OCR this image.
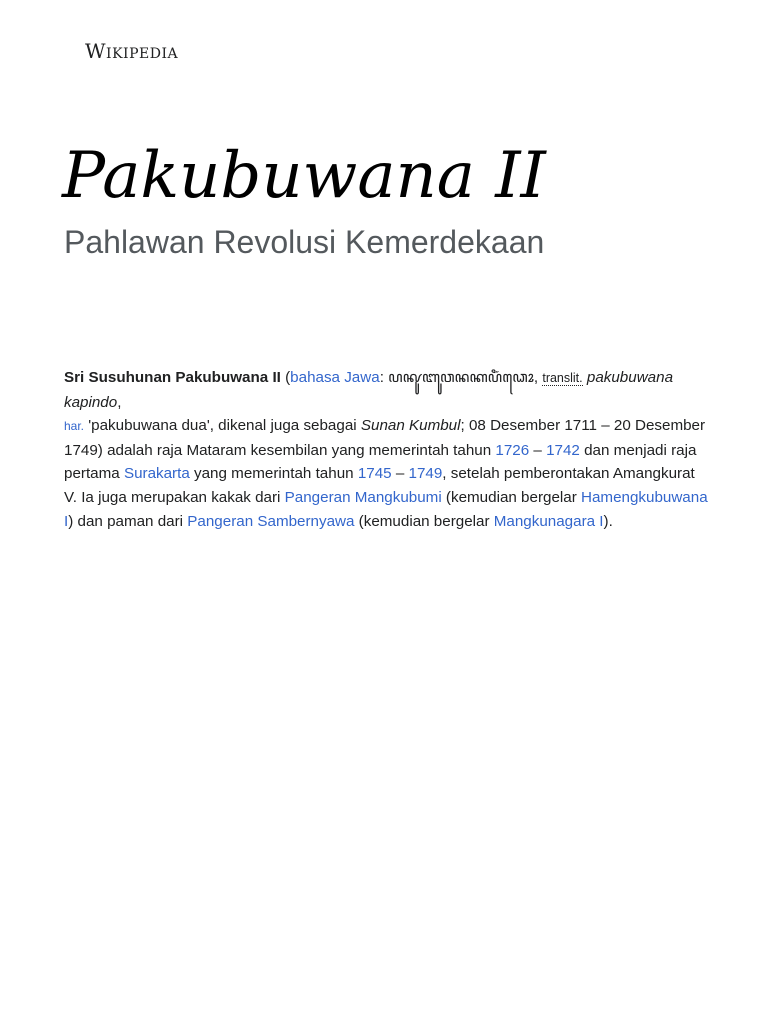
Wikipedia
Pakubuwana II
Pahlawan Revolusi Kemerdekaan

Sri Susuhunan Pakubuwana II (bahasa Jawa: ꦥꦑꦸꦧꦸꦮꦤꦏꦥꦶꦁꦣꦺꦴ, translit. pakubuwana kapindo,
har. 'pakubuwana dua', dikenal juga sebagai Sunan Kumbul; 08 Desember 1711 – 20 Desember 1749) adalah raja Mataram kesembilan yang memerintah tahun 1726 – 1742 dan menjadi raja pertama Surakarta yang memerintah tahun 1745 – 1749, setelah pemberontakan Amangkurat V. Ia juga merupakan kakak dari Pangeran Mangkubumi (kemudian bergelar Hamengkubuwana I) dan paman dari Pangeran Sambernyawa (kemudian bergelar Mangkunagara I).
